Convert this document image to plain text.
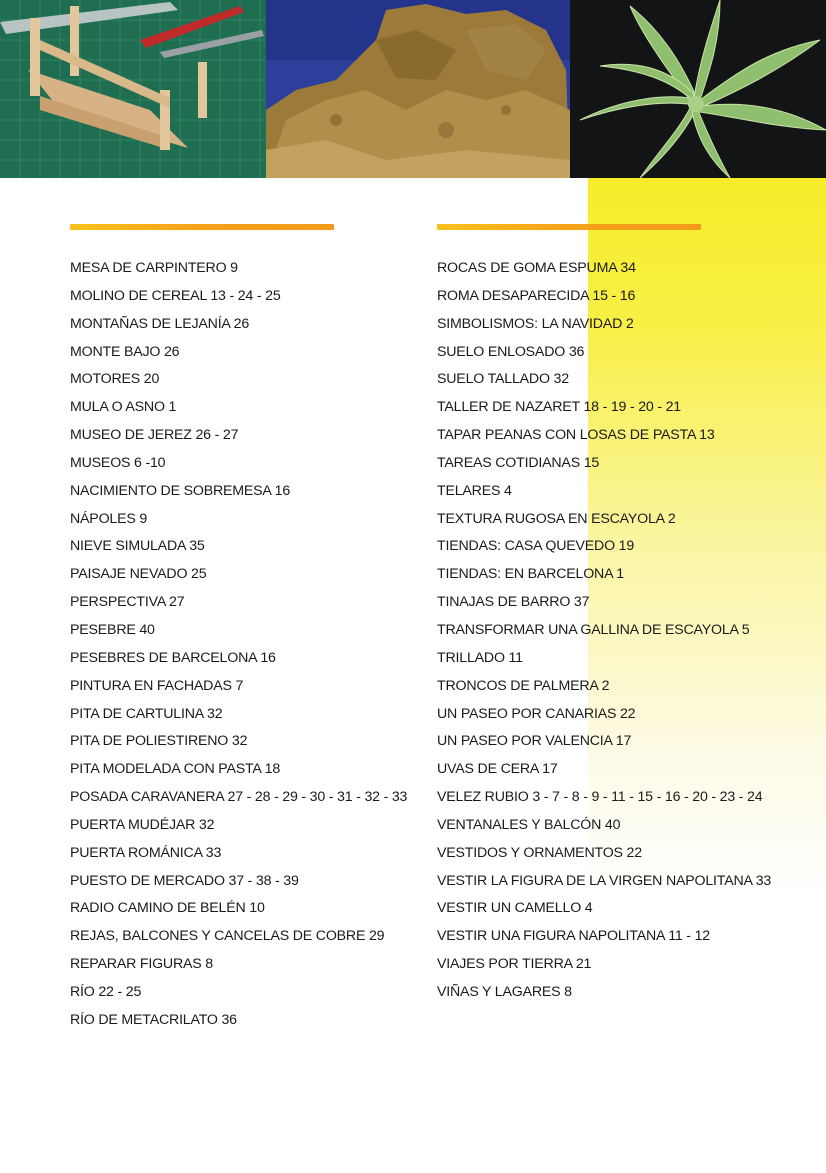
MESA DE CARPINTERO 9
MOLINO DE CEREAL 13 - 24 - 25
MONTAÑAS DE LEJANÍA 26
MONTE BAJO 26
MOTORES 20
MULA O ASNO 1
MUSEO DE JEREZ 26 - 27
MUSEOS 6 -10
NACIMIENTO DE SOBREMESA 16
NÁPOLES 9
NIEVE SIMULADA 35
PAISAJE NEVADO 25
PERSPECTIVA 27
PESEBRE 40
PESEBRES DE BARCELONA 16
PINTURA EN FACHADAS 7
PITA DE CARTULINA 32
PITA DE POLIESTIRENO 32
PITA MODELADA CON PASTA 18
POSADA CARAVANERA 27 - 28 - 29 - 30 - 31 - 32 - 33
PUERTA MUDÉJAR 32
PUERTA ROMÁNICA 33
PUESTO DE MERCADO 37 - 38 - 39
RADIO CAMINO DE BELÉN 10
REJAS, BALCONES Y CANCELAS DE COBRE 29
REPARAR FIGURAS 8
RÍO 22 - 25
RÍO DE METACRILATO 36
ROCAS DE GOMA ESPUMA 34
ROMA DESAPARECIDA 15 - 16
SIMBOLISMOS: LA NAVIDAD 2
SUELO ENLOSADO 36
SUELO TALLADO 32
TALLER DE NAZARET 18 - 19 - 20 - 21
TAPAR PEANAS CON LOSAS DE PASTA 13
TAREAS COTIDIANAS 15
TELARES 4
TEXTURA RUGOSA EN ESCAYOLA 2
TIENDAS: CASA QUEVEDO 19
TIENDAS: EN BARCELONA 1
TINAJAS DE BARRO 37
TRANSFORMAR UNA GALLINA DE ESCAYOLA 5
TRILLADO 11
TRONCOS DE PALMERA 2
UN PASEO POR CANARIAS 22
UN PASEO POR VALENCIA 17
UVAS DE CERA 17
VELEZ RUBIO 3 - 7 - 8 - 9 - 11 - 15 - 16 - 20 - 23 - 24
VENTANALES Y BALCÓN 40
VESTIDOS Y ORNAMENTOS 22
VESTIR LA FIGURA DE LA VIRGEN NAPOLITANA 33
VESTIR UN CAMELLO 4
VESTIR UNA FIGURA NAPOLITANA 11 - 12
VIAJES POR TIERRA 21
VIÑAS Y LAGARES 8
